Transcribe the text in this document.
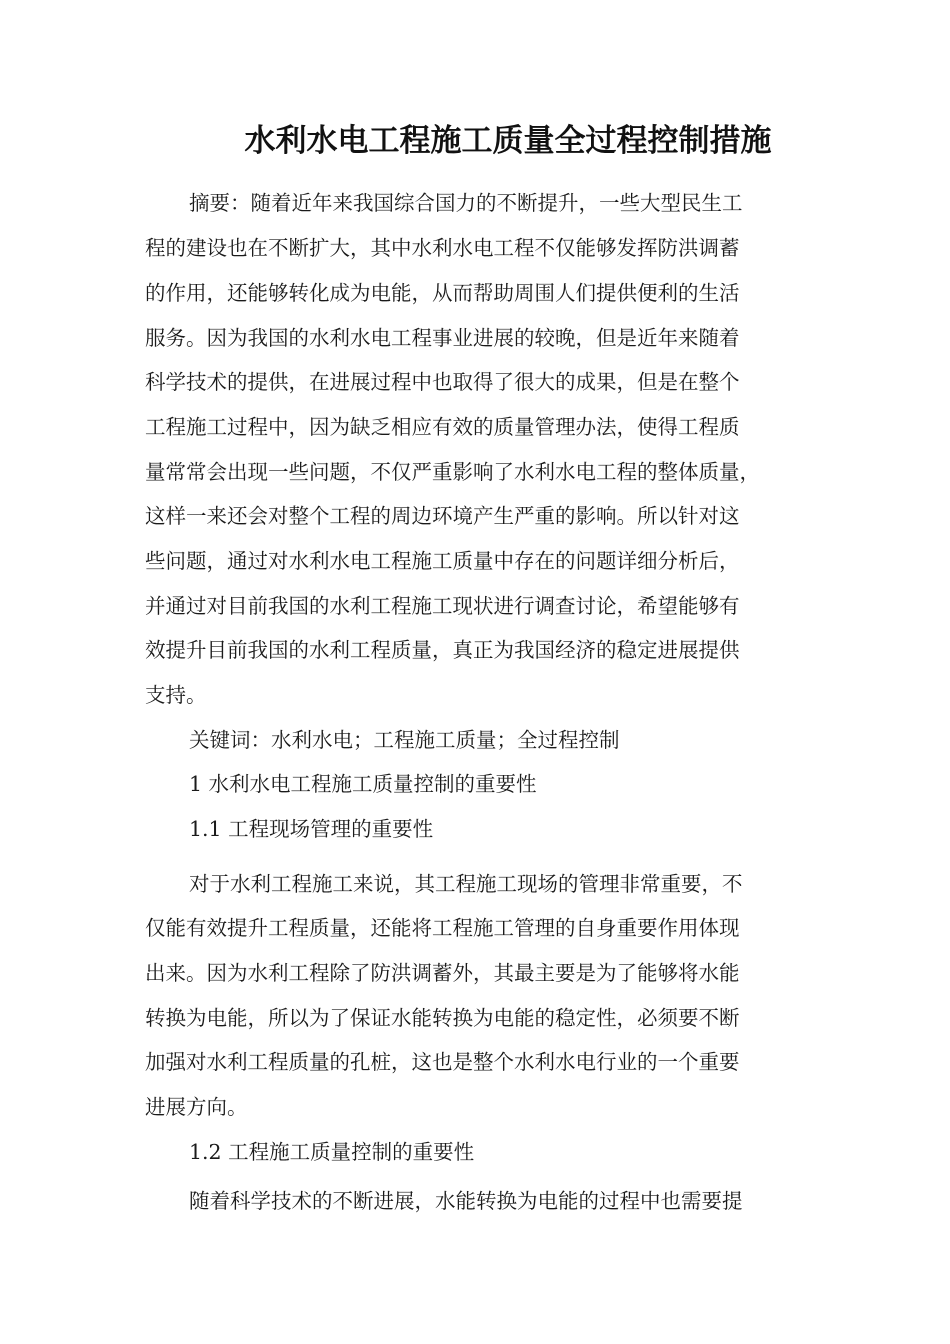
水利水电工程施工质量全过程控制措施
摘要：随着近年来我国综合国力的不断提升，一些大型民生工
程的建设也在不断扩大，其中水利水电工程不仅能够发挥防洪调蓄
的作用，还能够转化成为电能，从而帮助周围人们提供便利的生活
服务。因为我国的水利水电工程事业进展的较晚，但是近年来随着
科学技术的提供，在进展过程中也取得了很大的成果，但是在整个
工程施工过程中，因为缺乏相应有效的质量管理办法，使得工程质
量常常会出现一些问题，不仅严重影响了水利水电工程的整体质量，
这样一来还会对整个工程的周边环境产生严重的影响。所以针对这
些问题，通过对水利水电工程施工质量中存在的问题详细分析后，
并通过对目前我国的水利工程施工现状进行调查讨论，希望能够有
效提升目前我国的水利工程质量，真正为我国经济的稳定进展提供
支持。
关键词：水利水电；工程施工质量；全过程控制
1 水利水电工程施工质量控制的重要性
1.1 工程现场管理的重要性
对于水利工程施工来说，其工程施工现场的管理非常重要，不
仅能有效提升工程质量，还能将工程施工管理的自身重要作用体现
出来。因为水利工程除了防洪调蓄外，其最主要是为了能够将水能
转换为电能，所以为了保证水能转换为电能的稳定性，必须要不断
加强对水利工程质量的孔桩，这也是整个水利水电行业的一个重要
进展方向。
1.2 工程施工质量控制的重要性
随着科学技术的不断进展，水能转换为电能的过程中也需要提
